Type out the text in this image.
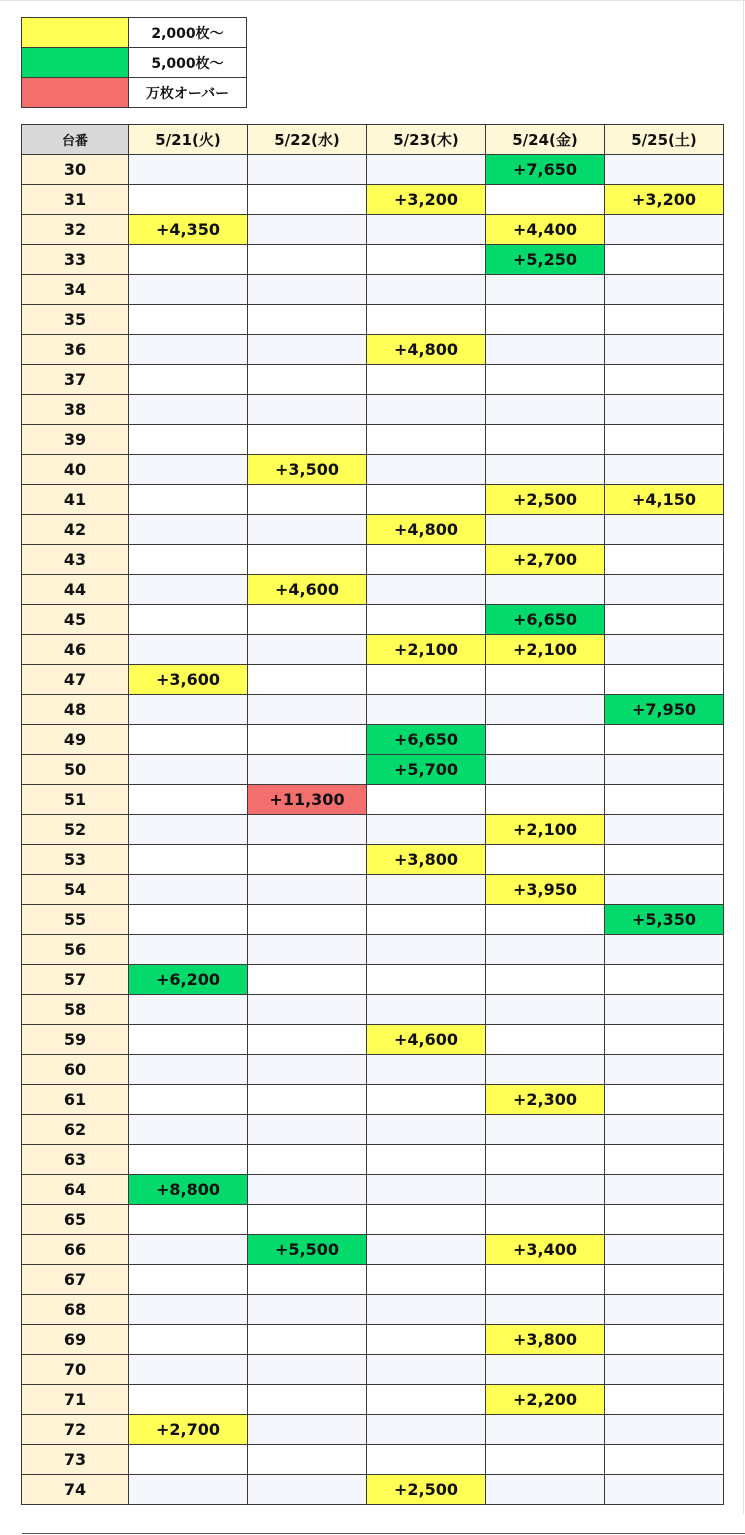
	2,000枚～
	5,000枚～
	万枚オーバー
台番	5/21(火)	5/22(水)	5/23(木)	5/24(金)	5/25(土)
30				+7,650	
31			+3,200		+3,200
32	+4,350			+4,400	
33				+5,250	
34					
35					
36			+4,800		
37					
38					
39					
40		+3,500			
41				+2,500	+4,150
42			+4,800		
43				+2,700	
44		+4,600			
45				+6,650	
46			+2,100	+2,100	
47	+3,600				
48					+7,950
49			+6,650		
50			+5,700		
51		+11,300			
52				+2,100	
53			+3,800		
54				+3,950	
55					+5,350
56					
57	+6,200				
58					
59			+4,600		
60					
61				+2,300	
62					
63					
64	+8,800				
65					
66		+5,500		+3,400	
67					
68					
69				+3,800	
70					
71				+2,200	
72	+2,700				
73					
74			+2,500		
